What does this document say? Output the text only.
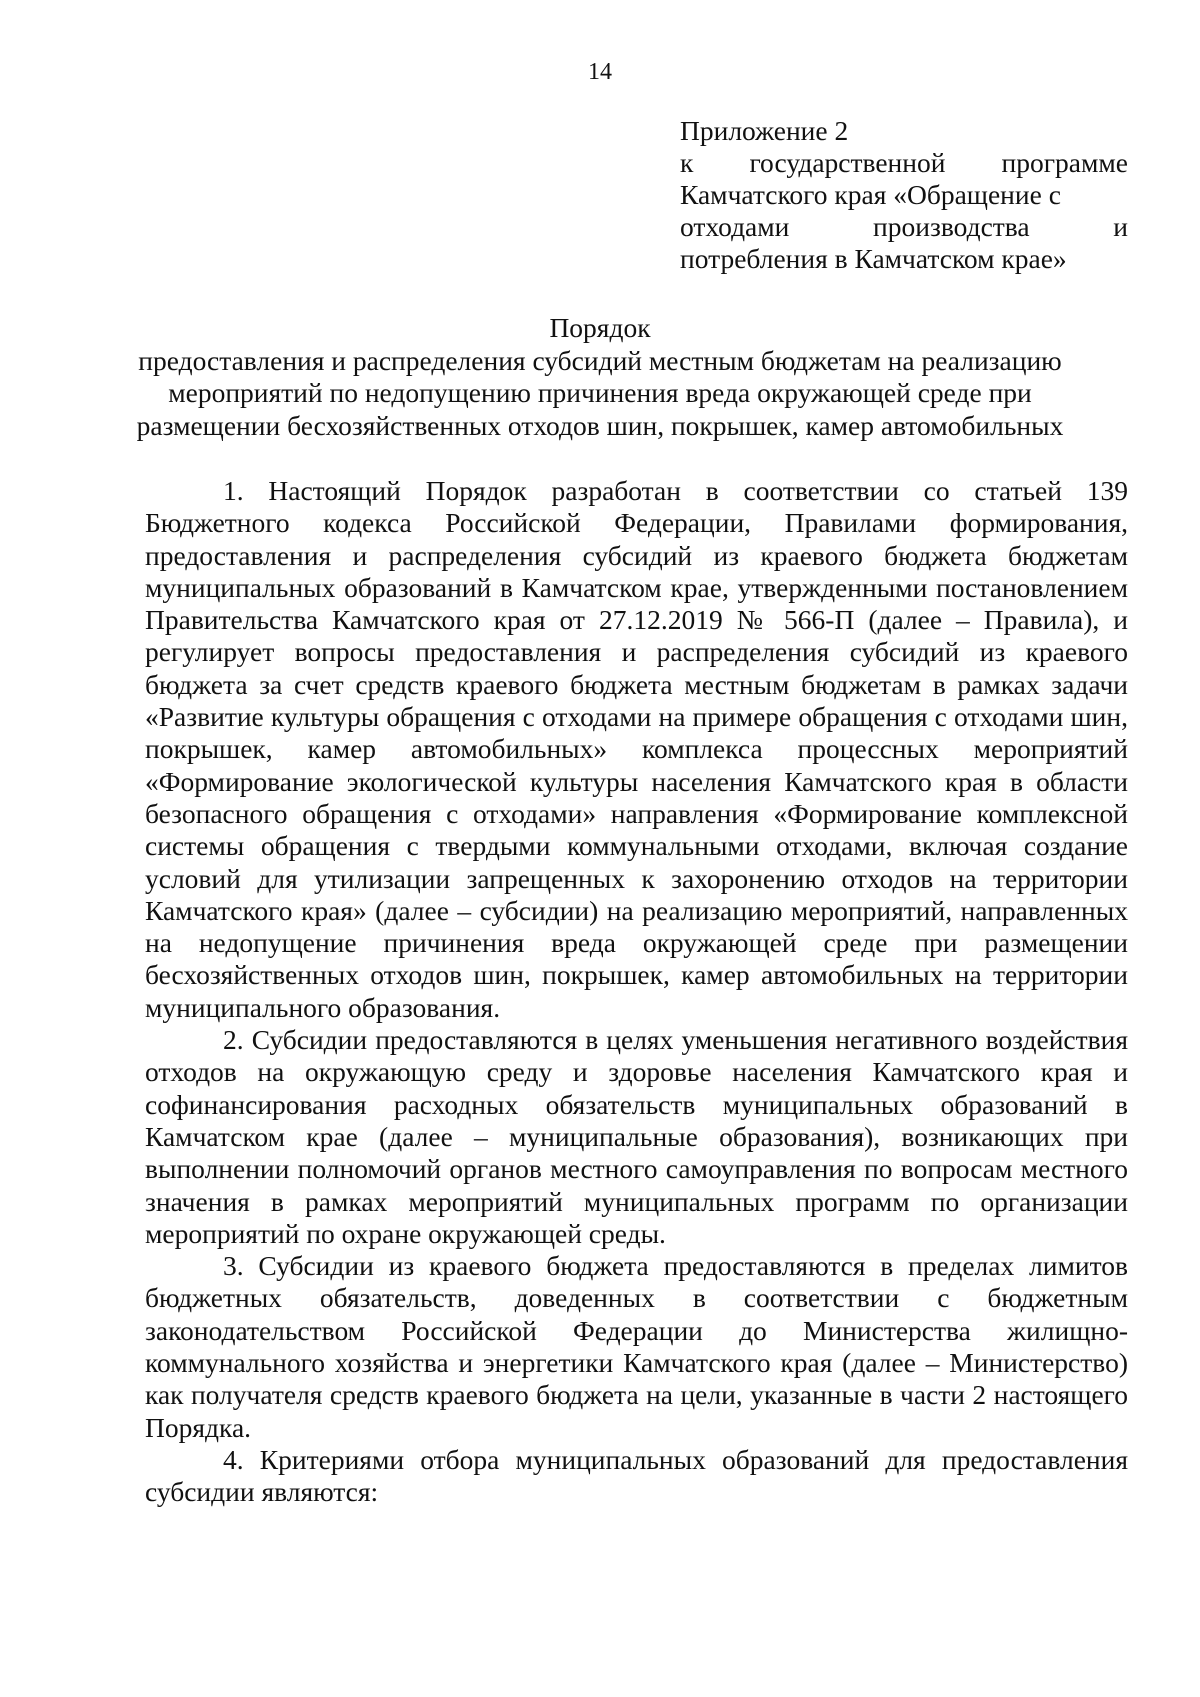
14
Приложение 2
к государственной программе
Камчатского края «Обращение с
отходами	производства	и
потребления в Камчатском крае»
Порядок
предоставления и распределения субсидий местным бюджетам на реализацию
мероприятий по недопущению причинения вреда окружающей среде при
размещении бесхозяйственных отходов шин, покрышек, камер автомобильных

1. Настоящий Порядок разработан в соответствии со статьей 139 Бюджетного кодекса Российской Федерации, Правилами формирования, предоставления и распределения субсидий из краевого бюджета бюджетам муниципальных образований в Камчатском крае, утвержденными постановлением Правительства Камчатского края от 27.12.2019 № 566-П (далее – Правила), и регулирует вопросы предоставления и распределения субсидий из краевого бюджета за счет средств краевого бюджета местным бюджетам в рамках задачи «Развитие культуры обращения с отходами на примере обращения с отходами шин, покрышек, камер автомобильных» комплекса процессных мероприятий «Формирование экологической культуры населения Камчатского края в области безопасного обращения с отходами» направления «Формирование комплексной системы обращения с твердыми коммунальными отходами, включая создание условий для утилизации запрещенных к захоронению отходов на территории Камчатского края» (далее – субсидии) на реализацию мероприятий, направленных на недопущение причинения вреда окружающей среде при размещении бесхозяйственных отходов шин, покрышек, камер автомобильных на территории муниципального образования.

2. Субсидии предоставляются в целях уменьшения негативного воздействия отходов на окружающую среду и здоровье населения Камчатского края и софинансирования расходных обязательств муниципальных образований в Камчатском крае (далее – муниципальные образования), возникающих при выполнении полномочий органов местного самоуправления по вопросам местного значения в рамках мероприятий муниципальных программ по организации мероприятий по охране окружающей среды.

3. Субсидии из краевого бюджета предоставляются в пределах лимитов бюджетных обязательств, доведенных в соответствии с бюджетным законодательством Российской Федерации до Министерства жилищно-коммунального хозяйства и энергетики Камчатского края (далее – Министерство) как получателя средств краевого бюджета на цели, указанные в части 2 настоящего Порядка.

4. Критериями отбора муниципальных образований для предоставления субсидии являются:
